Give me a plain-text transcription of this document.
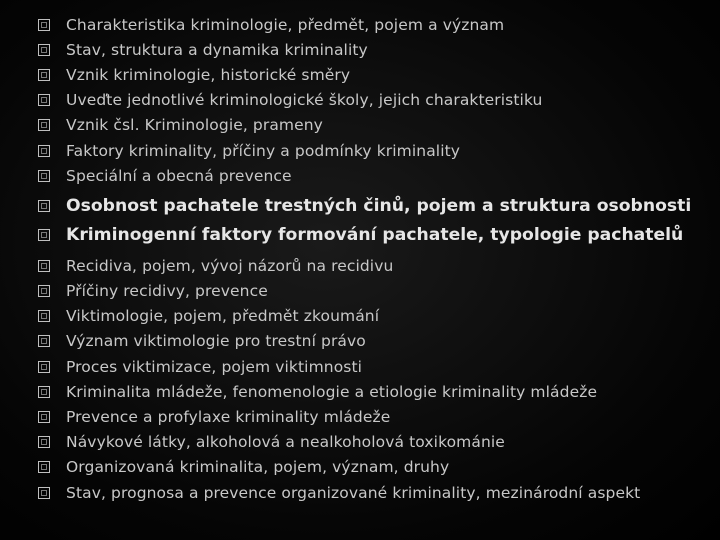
Charakteristika kriminologie, předmět, pojem a význam
Stav, struktura a dynamika kriminality
Vznik kriminologie, historické směry
Uveďte jednotlivé kriminologické školy, jejich charakteristiku
Vznik čsl. Kriminologie, prameny
Faktory kriminality, příčiny a podmínky kriminality
Speciální a obecná prevence
Osobnost pachatele trestných činů, pojem a struktura osobnosti
Kriminogenní faktory formování pachatele, typologie pachatelů
Recidiva, pojem, vývoj názorů na recidivu
Příčiny recidivy, prevence
Viktimologie, pojem, předmět zkoumání
Význam viktimologie pro trestní právo
Proces viktimizace, pojem viktimnosti
Kriminalita mládeže, fenomenologie a etiologie kriminality mládeže
Prevence a profylaxe kriminality mládeže
Návykové látky, alkoholová a nealkoholová toxikománie
Organizovaná kriminalita, pojem, význam, druhy
Stav, prognosa a prevence organizované kriminality, mezinárodní aspekt
